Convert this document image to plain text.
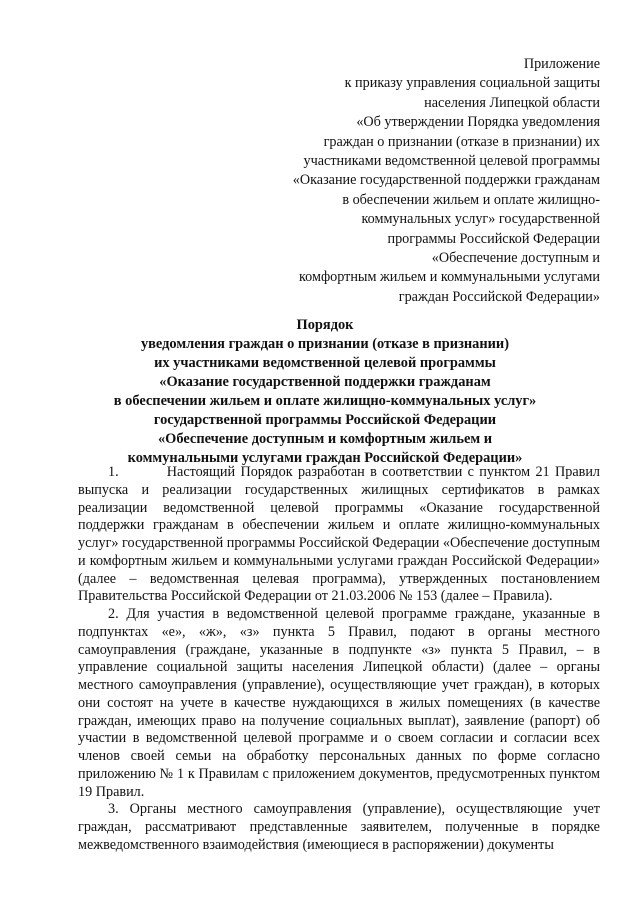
Приложение
к приказу управления социальной защиты
населения Липецкой области
«Об утверждении Порядка уведомления
граждан о признании (отказе в признании) их
участниками ведомственной целевой программы
«Оказание государственной поддержки гражданам
в обеспечении жильем и оплате жилищно-
коммунальных услуг» государственной
программы Российской Федерации
«Обеспечение доступным и
комфортным жильем и коммунальными услугами
граждан Российской Федерации»
Порядок
уведомления граждан о признании (отказе в признании)
их участниками ведомственной целевой программы
«Оказание государственной поддержки гражданам
в обеспечении жильем и оплате жилищно-коммунальных услуг»
государственной программы Российской Федерации
«Обеспечение доступным и комфортным жильем и
коммунальными услугами граждан Российской Федерации»

1.         Настоящий Порядок разработан в соответствии с пунктом 21 Правил выпуска и реализации государственных жилищных сертификатов в рамках реализации ведомственной целевой программы «Оказание государственной поддержки гражданам в обеспечении жильем и оплате жилищно-коммунальных услуг» государственной программы Российской Федерации «Обеспечение доступным и комфортным жильем и коммунальными услугами граждан Российской Федерации» (далее – ведомственная целевая программа), утвержденных постановлением Правительства Российской Федерации от 21.03.2006 № 153 (далее – Правила).

2. Для участия в ведомственной целевой программе граждане, указанные в подпунктах «е», «ж», «з» пункта 5 Правил, подают в органы местного самоуправления (граждане, указанные в подпункте «з» пункта 5 Правил, – в управление социальной защиты населения Липецкой области) (далее – органы местного самоуправления (управление), осуществляющие учет граждан), в которых они состоят на учете в качестве нуждающихся в жилых помещениях (в качестве граждан, имеющих право на получение социальных выплат), заявление (рапорт) об участии в ведомственной целевой программе и о своем согласии и согласии всех членов своей семьи на обработку персональных данных по форме согласно приложению № 1 к Правилам с приложением документов, предусмотренных пунктом 19 Правил.

3. Органы местного самоуправления (управление), осуществляющие учет граждан, рассматривают представленные заявителем, полученные в порядке межведомственного взаимодействия (имеющиеся в распоряжении) документы
